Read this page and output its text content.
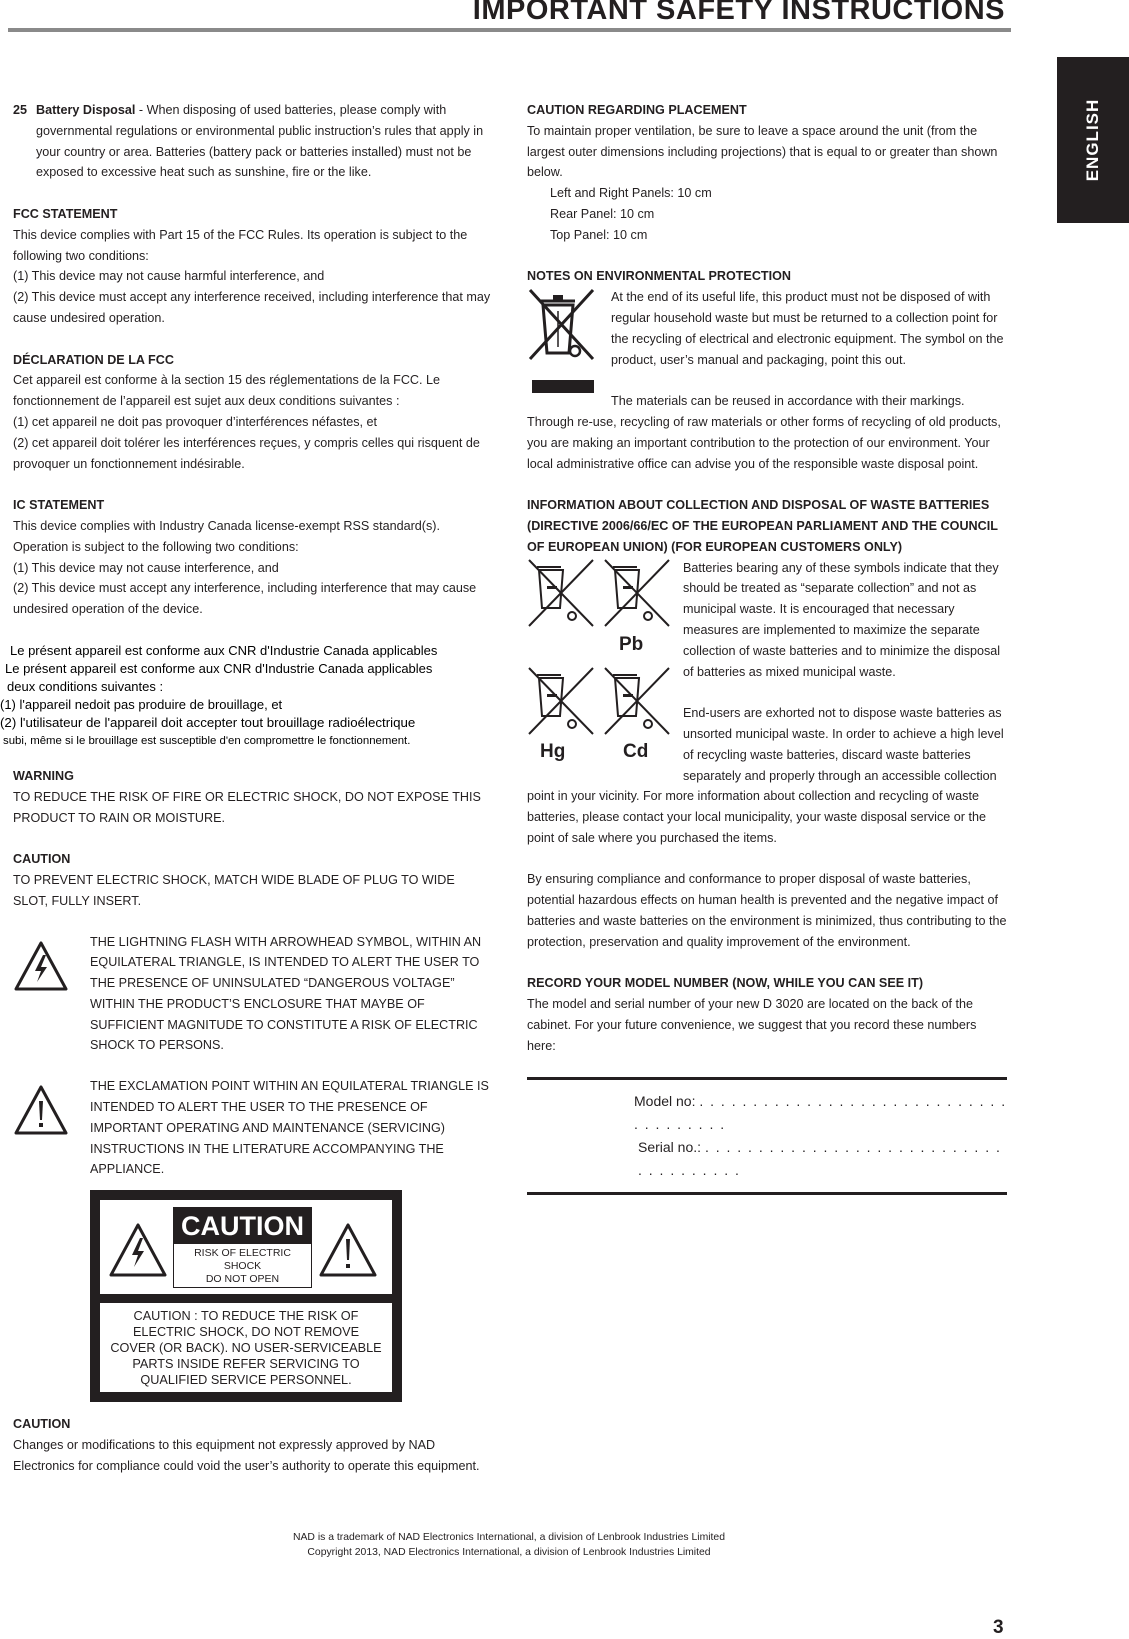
IMPORTANT SAFETY INSTRUCTIONS
ENGLISH
25 Battery Disposal - When disposing of used batteries, please comply with governmental regulations or environmental public instruction’s rules that apply in your country or area. Batteries (battery pack or batteries installed) must not be exposed to excessive heat such as sunshine, fire or the like.

FCC STATEMENT

This device complies with Part 15 of the FCC Rules. Its operation is subject to the following two conditions:

(1) This device may not cause harmful interference, and

(2) This device must accept any interference received, including interference that may cause undesired operation.

DÉCLARATION DE LA FCC

Cet appareil est conforme à la section 15 des réglementations de la FCC. Le fonctionnement de l’appareil est sujet aux deux conditions suivantes :

(1) cet appareil ne doit pas provoquer d’interférences néfastes, et

(2) cet appareil doit tolérer les interférences reçues, y compris celles qui risquent de provoquer un fonctionnement indésirable.

IC STATEMENT

This device complies with Industry Canada license-exempt RSS standard(s). Operation is subject to the following two conditions:

(1) This device may not cause interference, and

(2) This device must accept any interference, including interference that may cause undesired operation of the device.

Le présent appareil est conforme aux CNR d'Industrie Canada applicables

Le présent appareil est conforme aux CNR d'Industrie Canada applicables

deux conditions suivantes :

(1) l'appareil nedoit pas produire de brouillage, et

(2) l'utilisateur de l'appareil doit accepter tout brouillage radioélectrique

subi, même si le brouillage est susceptible d'en compromettre le fonctionnement.

WARNING

TO REDUCE THE RISK OF FIRE OR ELECTRIC SHOCK, DO NOT EXPOSE THIS PRODUCT TO RAIN OR MOISTURE.

CAUTION

TO PREVENT ELECTRIC SHOCK, MATCH WIDE BLADE OF PLUG TO WIDE SLOT, FULLY INSERT.

THE LIGHTNING FLASH WITH ARROWHEAD SYMBOL, WITHIN AN EQUILATERAL TRIANGLE, IS INTENDED TO ALERT THE USER TO THE PRESENCE OF UNINSULATED “DANGEROUS VOLTAGE” WITHIN THE PRODUCT’S ENCLOSURE THAT MAYBE OF SUFFICIENT MAGNITUDE TO CONSTITUTE A RISK OF ELECTRIC SHOCK TO PERSONS.

THE EXCLAMATION POINT WITHIN AN EQUILATERAL TRIANGLE IS INTENDED TO ALERT THE USER TO THE PRESENCE OF IMPORTANT OPERATING AND MAINTENANCE (SERVICING) INSTRUCTIONS IN THE LITERATURE ACCOMPANYING THE APPLIANCE.

CAUTION
RISK OF ELECTRIC SHOCK
DO NOT OPEN
CAUTION : TO REDUCE THE RISK OF
ELECTRIC SHOCK, DO NOT REMOVE
COVER (OR BACK). NO USER-SERVICEABLE
PARTS INSIDE REFER SERVICING TO
QUALIFIED SERVICE PERSONNEL.

CAUTION

Changes or modifications to this equipment not expressly approved by NAD Electronics for compliance could void the user’s authority to operate this equipment.

CAUTION REGARDING PLACEMENT

To maintain proper ventilation, be sure to leave a space around the unit (from the largest outer dimensions including projections) that is equal to or greater than shown below.

Left and Right Panels: 10 cm

Rear Panel: 10 cm

Top Panel: 10 cm

NOTES ON ENVIRONMENTAL PROTECTION

At the end of its useful life, this product must not be disposed of with regular household waste but must be returned to a collection point for the recycling of electrical and electronic equipment. The symbol on the product, user’s manual and packaging, point this out.

The materials can be reused in accordance with their markings.

Through re-use, recycling of raw materials or other forms of recycling of old products, you are making an important contribution to the protection of our environment. Your local administrative office can advise you of the responsible waste disposal point.

INFORMATION ABOUT COLLECTION AND DISPOSAL OF WASTE BATTERIES (DIRECTIVE 2006/66/EC OF THE EUROPEAN PARLIAMENT AND THE COUNCIL OF EUROPEAN UNION) (FOR EUROPEAN CUSTOMERS ONLY)

Pb
Hg	Cd

Batteries bearing any of these symbols indicate that they should be treated as “separate collection” and not as municipal waste. It is encouraged that necessary measures are implemented to maximize the separate collection of waste batteries and to minimize the disposal of batteries as mixed municipal waste.

End-users are exhorted not to dispose waste batteries as unsorted municipal waste. In order to achieve a high level of recycling waste batteries, discard waste batteries separately and properly through an accessible collection

point in your vicinity. For more information about collection and recycling of waste batteries, please contact your local municipality, your waste disposal service or the point of sale where you purchased the items.

By ensuring compliance and conformance to proper disposal of waste batteries, potential hazardous effects on human health is prevented and the negative impact of batteries and waste batteries on the environment is minimized, thus contributing to the protection, preservation and quality improvement of the environment.

RECORD YOUR MODEL NUMBER (NOW, WHILE YOU CAN SEE IT)

The model and serial number of your new D 3020 are located on the back of the cabinet. For your future convenience, we suggest that you record these numbers here:

Model no: . . . . . . . . . . . . . . . . . . . . . . . . . . . . . . . . . . . . . .

Serial no.: . . . . . . . . . . . . . . . . . . . . . . . . . . . . . . . . . . . . . .

NAD is a trademark of NAD Electronics International, a division of Lenbrook Industries Limited
Copyright 2013, NAD Electronics International, a division of Lenbrook Industries Limited
3
